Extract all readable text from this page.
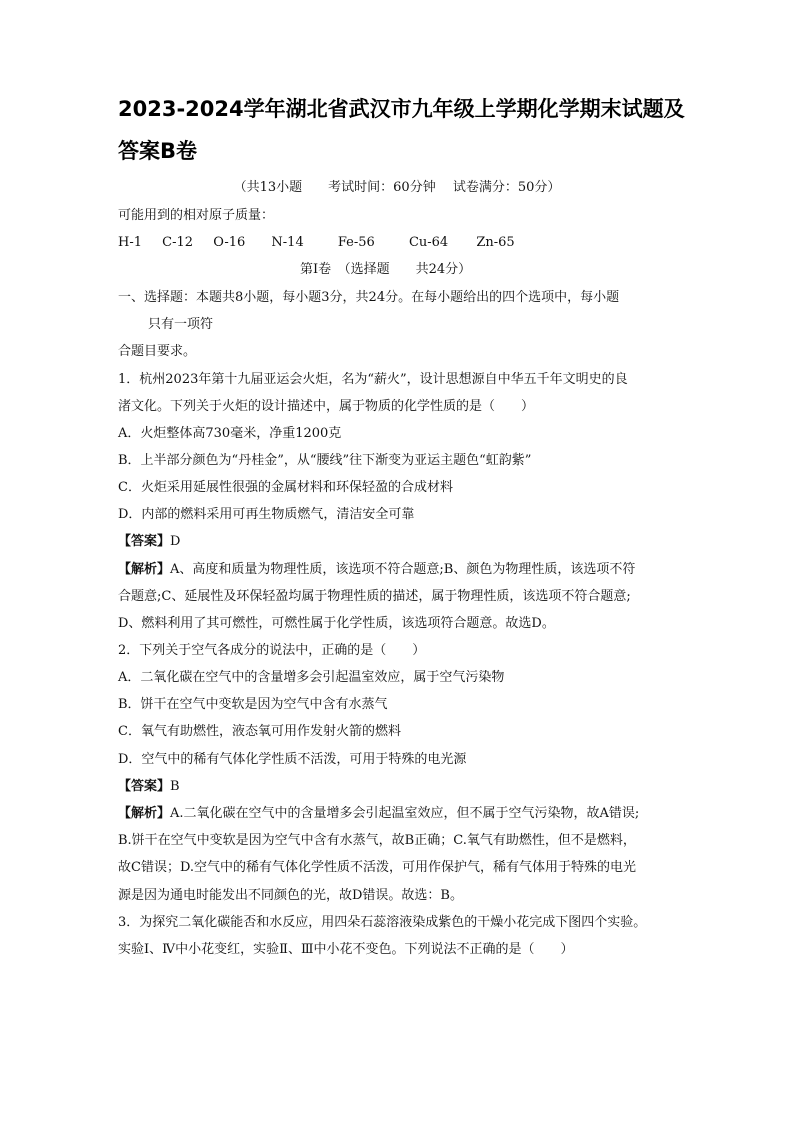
2023-2024学年湖北省武汉市九年级上学期化学期末试题及
答案B卷
（共13小题　　考试时间：60分钟　 试卷满分：50分）
可能用到的相对原子质量：
H-1 C-12 O-16 N-14	Fe-56	Cu-64 Zn-65
第Ⅰ卷　（选择题　　共24分）
一、选择题：本题共8小题，每小题3分，共24分。在每小题给出的四个选项中，每小题
只有一项符
合题目要求。
1．杭州2023年第十九届亚运会火炬，名为“薪火”，设计思想源自中华五千年文明史的良
渚文化。下列关于火炬的设计描述中，属于物质的化学性质的是（　　）
A．火炬整体高730毫米，净重1200克
B．上半部分颜色为“丹桂金”，从“腰线”往下渐变为亚运主题色“虹韵紫”
C．火炬采用延展性很强的金属材料和环保轻盈的合成材料
D．内部的燃料采用可再生物质燃气，清洁安全可靠
【答案】D
【解析】A、高度和质量为物理性质，该选项不符合题意;B、颜色为物理性质，该选项不符
合题意;C、延展性及环保轻盈均属于物理性质的描述，属于物理性质，该选项不符合题意;
D、燃料利用了其可燃性，可燃性属于化学性质，该选项符合题意。故选D。
2．下列关于空气各成分的说法中，正确的是（　　）
A．二氧化碳在空气中的含量增多会引起温室效应，属于空气污染物
B．饼干在空气中变软是因为空气中含有水蒸气
C．氧气有助燃性，液态氧可用作发射火箭的燃料
D．空气中的稀有气体化学性质不活泼，可用于特殊的电光源
【答案】B
【解析】A.二氧化碳在空气中的含量增多会引起温室效应，但不属于空气污染物，故A错误;
B.饼干在空气中变软是因为空气中含有水蒸气，故B正确；C.氧气有助燃性，但不是燃料，
故C错误；D.空气中的稀有气体化学性质不活泼，可用作保护气，稀有气体用于特殊的电光
源是因为通电时能发出不同颜色的光，故D错误。故选：B。
3．为探究二氧化碳能否和水反应，用四朵石蕊溶液染成紫色的干燥小花完成下图四个实验。
实验Ⅰ、Ⅳ中小花变红，实验Ⅱ、Ⅲ中小花不变色。下列说法不正确的是（　　）
